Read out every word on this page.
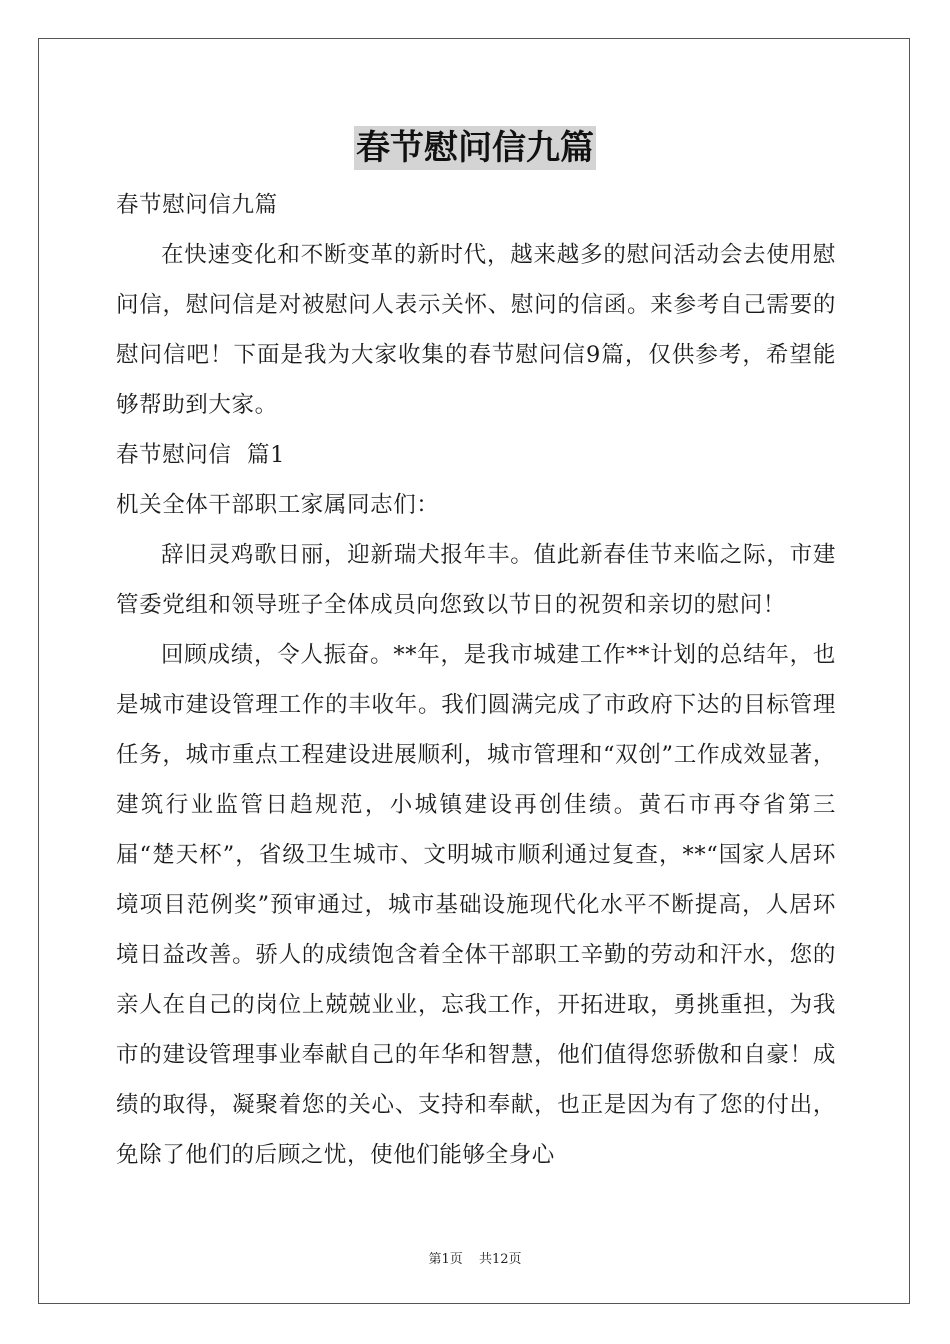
春节慰问信九篇
春节慰问信九篇

在快速变化和不断变革的新时代，越来越多的慰问活动会去使用慰问信，慰问信是对被慰问人表示关怀、慰问的信函。来参考自己需要的慰问信吧！下面是我为大家收集的春节慰问信9篇，仅供参考，希望能够帮助到大家。

春节慰问信  篇1
机关全体干部职工家属同志们：

辞旧灵鸡歌日丽，迎新瑞犬报年丰。值此新春佳节来临之际，市建管委党组和领导班子全体成员向您致以节日的祝贺和亲切的慰问！

回顾成绩，令人振奋。**年，是我市城建工作**计划的总结年，也是城市建设管理工作的丰收年。我们圆满完成了市政府下达的目标管理任务，城市重点工程建设进展顺利，城市管理和“双创”工作成效显著，建筑行业监管日趋规范，小城镇建设再创佳绩。黄石市再夺省第三届“楚天杯”，省级卫生城市、文明城市顺利通过复查，**“国家人居环境项目范例奖”预审通过，城市基础设施现代化水平不断提高，人居环境日益改善。骄人的成绩饱含着全体干部职工辛勤的劳动和汗水，您的亲人在自己的岗位上兢兢业业，忘我工作，开拓进取，勇挑重担，为我市的建设管理事业奉献自己的年华和智慧，他们值得您骄傲和自豪！成绩的取得，凝聚着您的关心、支持和奉献，也正是因为有了您的付出，免除了他们的后顾之忧，使他们能够全身心

第1页 共12页
